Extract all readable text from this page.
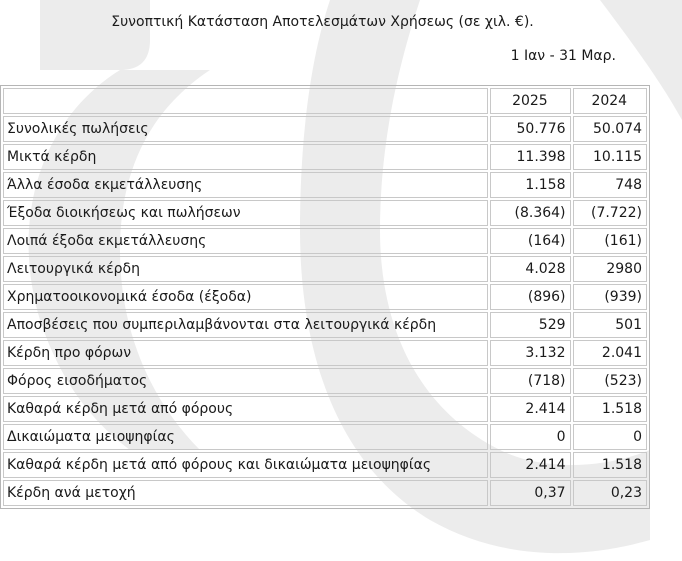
Συνοπτική Κατάσταση Αποτελεσμάτων Χρήσεως (σε χιλ. €).
1 Ιαν - 31 Μαρ.
	2025	2024
Συνολικές πωλήσεις	50.776	50.074
Μικτά κέρδη	11.398	10.115
Άλλα έσοδα εκμετάλλευσης	1.158	748
Έξοδα διοικήσεως και πωλήσεων	(8.364)	(7.722)
Λοιπά έξοδα εκμετάλλευσης	(164)	(161)
Λειτουργικά κέρδη	4.028	2980
Χρηματοοικονομικά έσοδα (έξοδα)	(896)	(939)
Αποσβέσεις που συμπεριλαμβάνονται στα λειτουργικά κέρδη	529	501
Κέρδη προ φόρων	3.132	2.041
Φόρος εισοδήματος	(718)	(523)
Καθαρά κέρδη μετά από φόρους	2.414	1.518
Δικαιώματα μειοψηφίας	0	0
Καθαρά κέρδη μετά από φόρους και δικαιώματα μειοψηφίας	2.414	1.518
Κέρδη ανά μετοχή	0,37	0,23
